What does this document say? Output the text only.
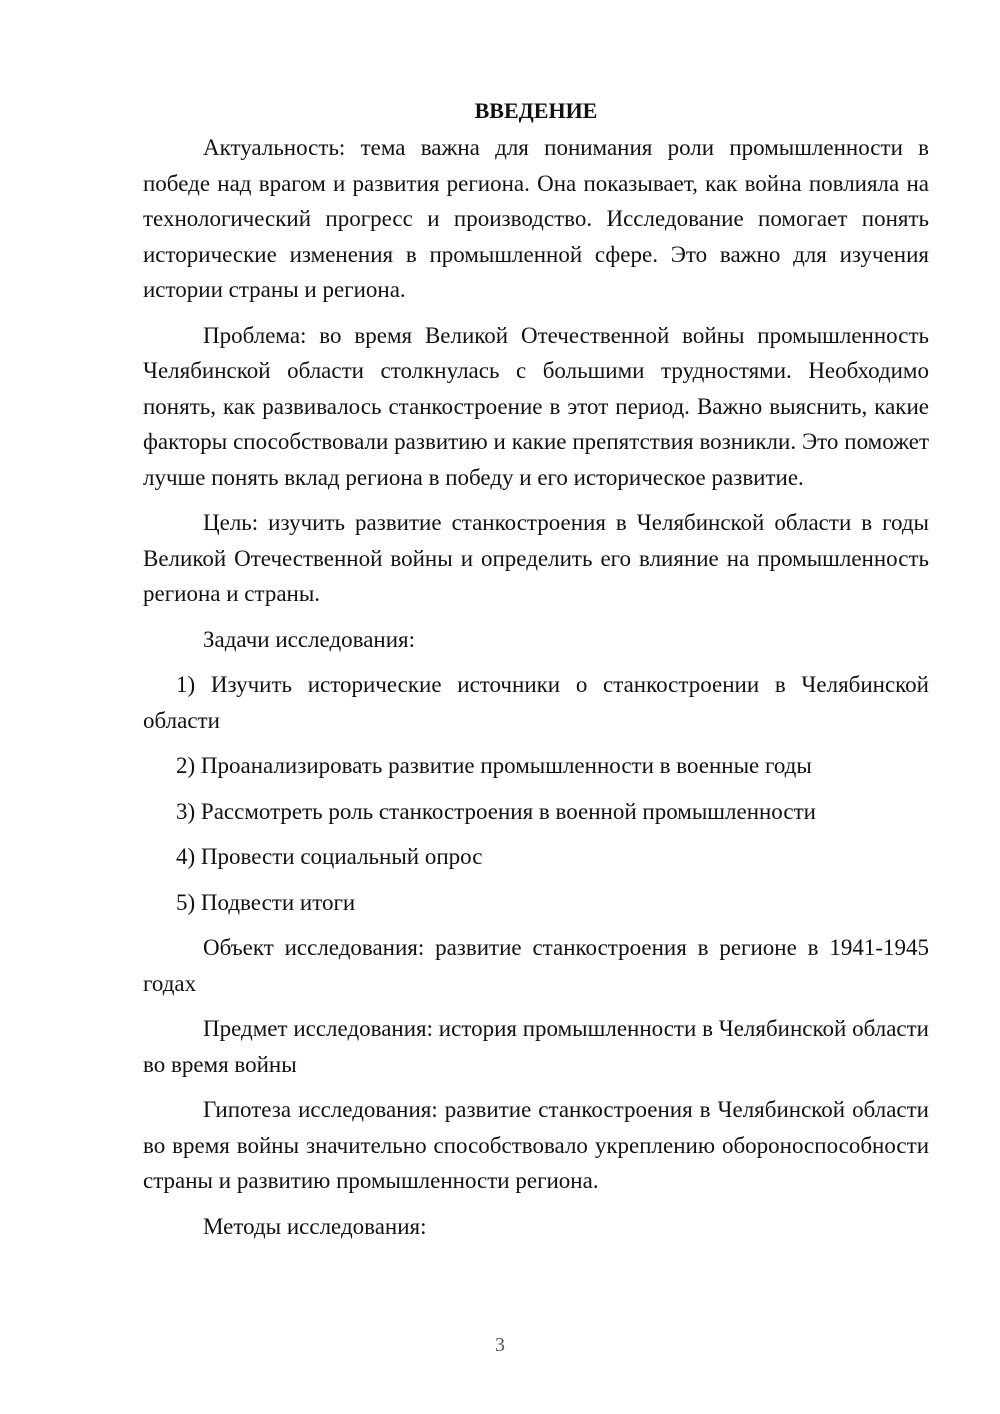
ВВЕДЕНИЕ

Актуальность: тема важна для понимания роли промышленности в победе над врагом и развития региона. Она показывает, как война повлияла на технологический прогресс и производство. Исследование помогает понять исторические изменения в промышленной сфере. Это важно для изучения истории страны и региона.

Проблема: во время Великой Отечественной войны промышленность Челябинской области столкнулась с большими трудностями. Необходимо понять, как развивалось станкостроение в этот период. Важно выяснить, какие факторы способствовали развитию и какие препятствия возникли. Это поможет лучше понять вклад региона в победу и его историческое развитие.

Цель: изучить развитие станкостроения в Челябинской области в годы Великой Отечественной войны и определить его влияние на промышленность региона и страны.

Задачи исследования:

1) Изучить исторические источники о станкостроении в Челябинской области

2) Проанализировать развитие промышленности в военные годы

3) Рассмотреть роль станкостроения в военной промышленности

4) Провести социальный опрос

5) Подвести итоги

Объект исследования: развитие станкостроения в регионе в 1941-1945 годах

Предмет исследования: история промышленности в Челябинской области во время войны

Гипотеза исследования: развитие станкостроения в Челябинской области во время войны значительно способствовало укреплению обороноспособности страны и развитию промышленности региона.

Методы исследования:

3
